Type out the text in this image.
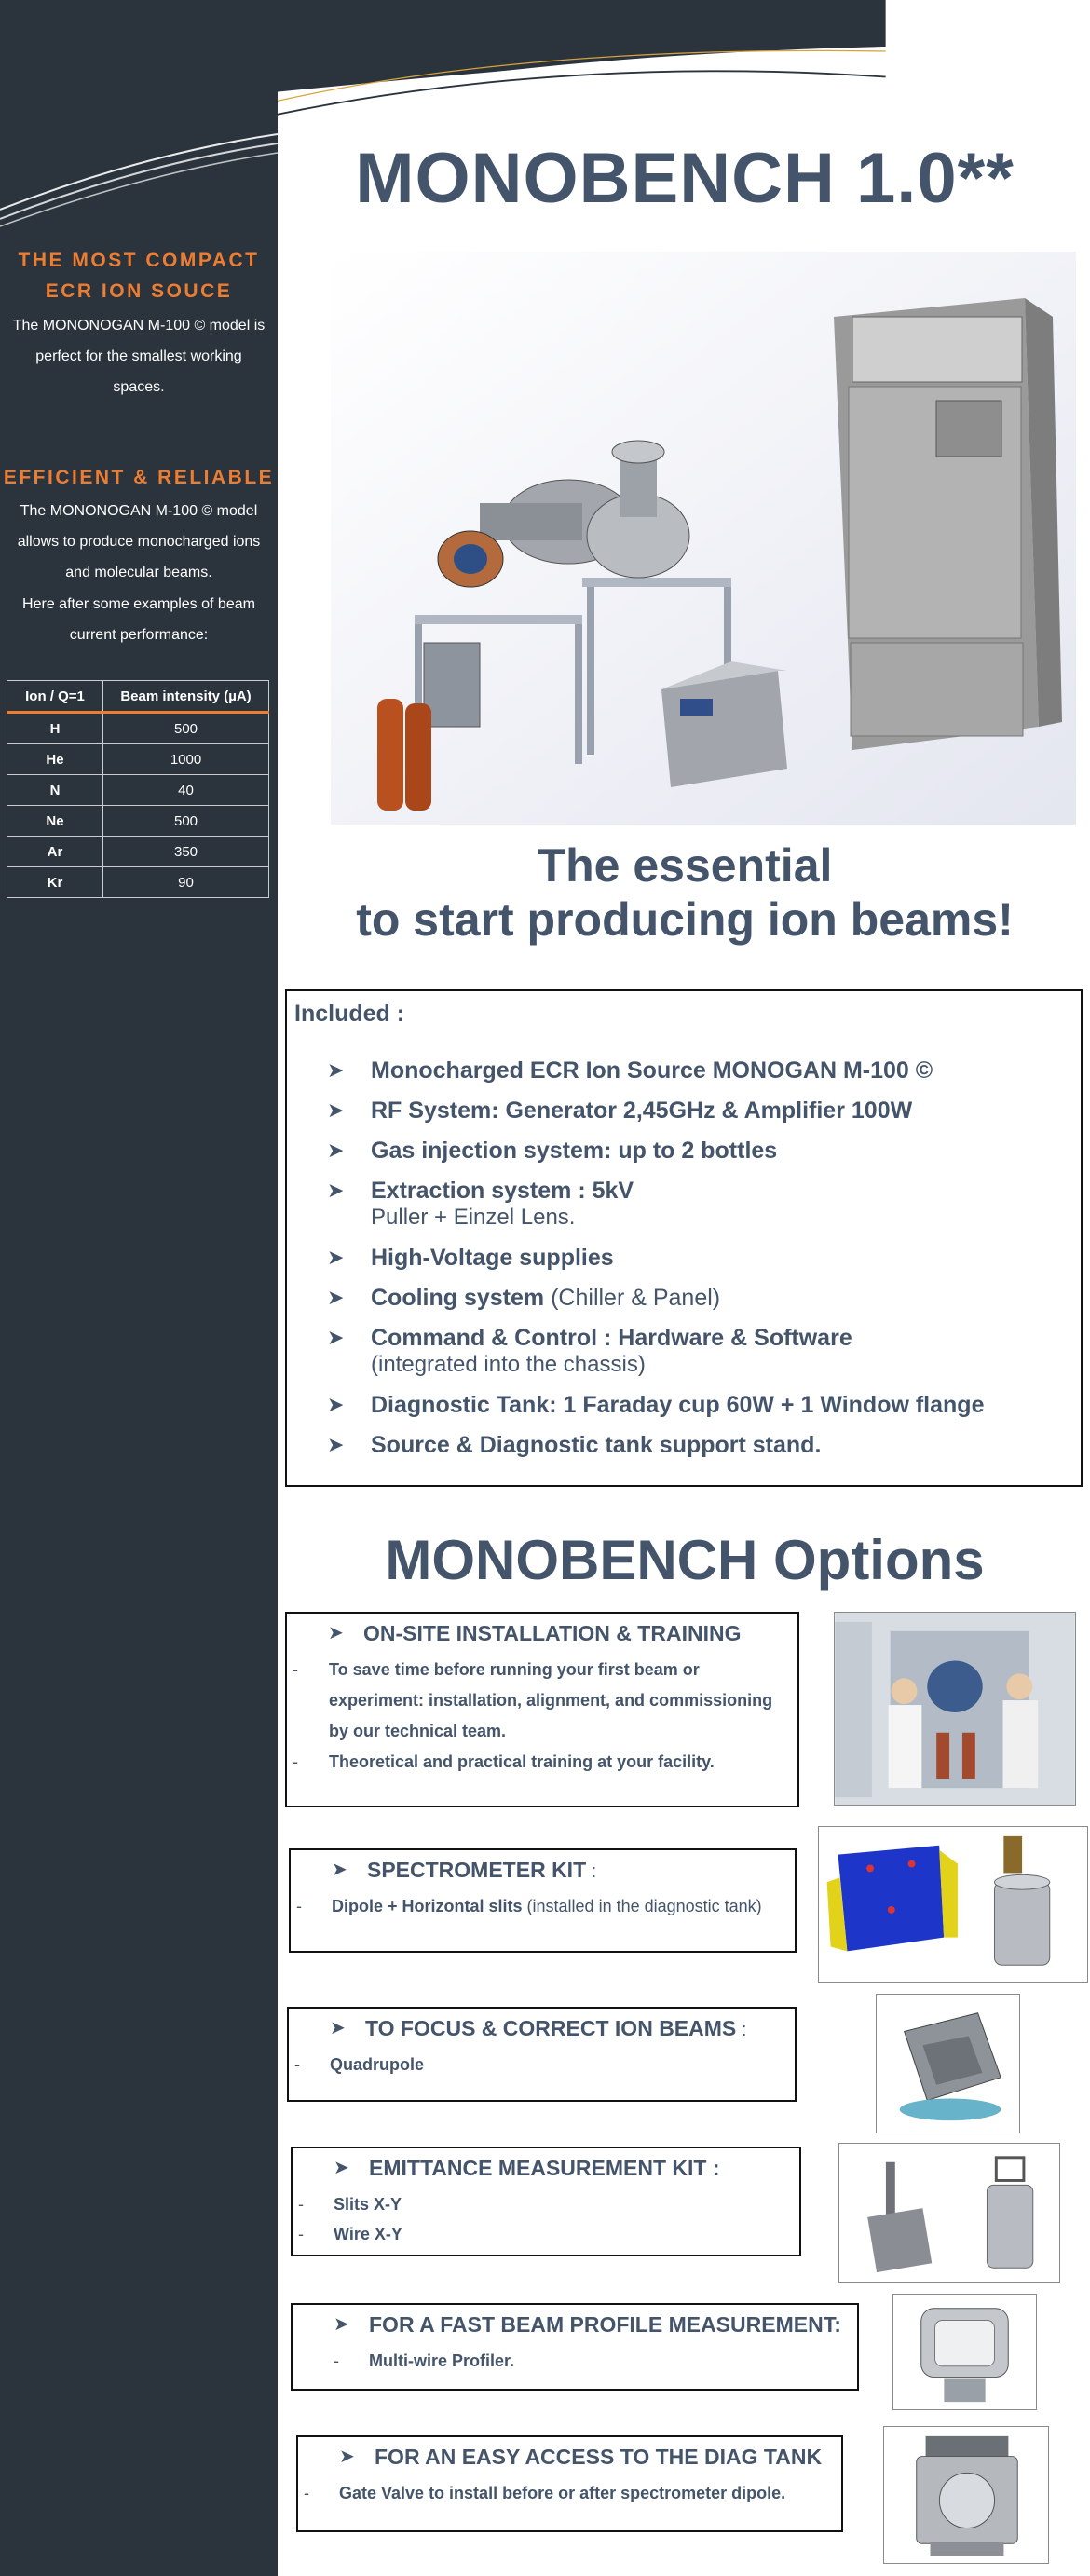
THE MOST COMPACT
ECR ION SOUCE
The MONONOGAN M-100 © model is
perfect for the smallest working
spaces.
EFFICIENT & RELIABLE
The MONONOGAN M-100 © model
allows to produce monocharged ions
and molecular beams.
Here after some examples of beam
current performance:
Ion / Q=1	Beam intensity (µA)
H	500
He	1000
N	40
Ne	500
Ar	350
Kr	90
MONOBENCH 1.0**
The essential
to start producing ion beams!
Included :
➤ Monocharged ECR Ion Source MONOGAN M-100 ©
➤ RF System: Generator 2,45GHz & Amplifier 100W
➤ Gas injection system: up to 2 bottles
➤ Extraction system : 5kV
Puller + Einzel Lens.
➤ High-Voltage supplies
➤ Cooling system (Chiller & Panel)
➤ Command & Control : Hardware & Software
(integrated into the chassis)
➤ Diagnostic Tank: 1 Faraday cup 60W + 1 Window flange
➤ Source & Diagnostic tank support stand.
MONOBENCH Options
➤ ON-SITE INSTALLATION & TRAINING
- To save time before running your first beam or
experiment: installation, alignment, and commissioning
by our technical team.
- Theoretical and practical training at your facility.
➤ SPECTROMETER KIT :
- Dipole + Horizontal slits (installed in the diagnostic tank)
➤ TO FOCUS & CORRECT ION BEAMS :
- Quadrupole
➤ EMITTANCE MEASUREMENT KIT :
- Slits X-Y
- Wire X-Y
➤ FOR A FAST BEAM PROFILE MEASUREMENT:
- Multi-wire Profiler.
➤ FOR AN EASY ACCESS TO THE DIAG TANK
- Gate Valve to install before or after spectrometer dipole.
